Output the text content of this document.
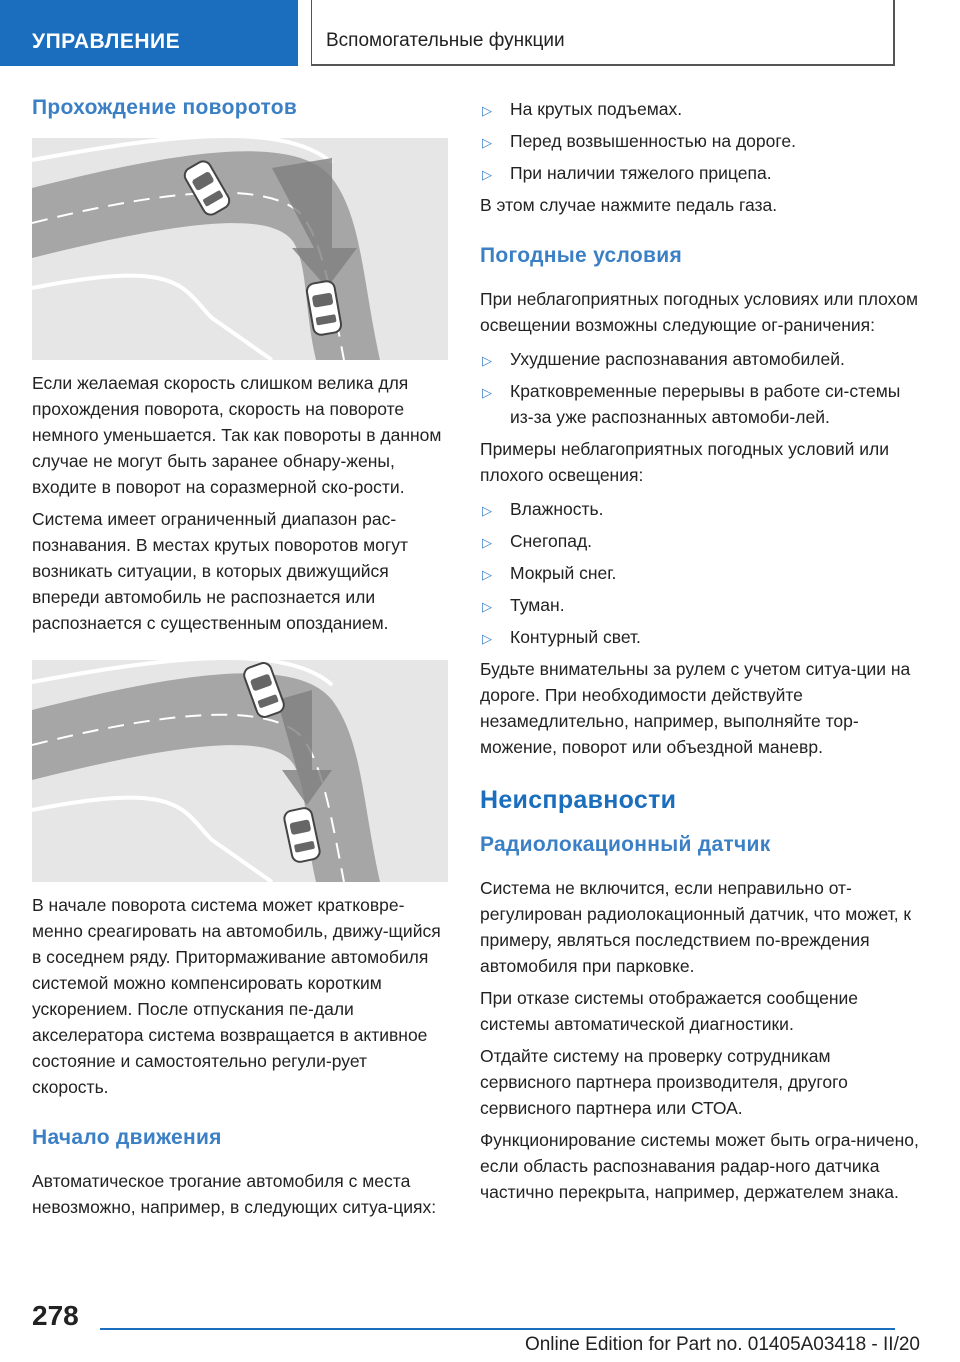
УПРАВЛЕНИЕ	Вспомогательные функции
Прохождение поворотов

Если желаемая скорость слишком велика для прохождения поворота, скорость на повороте немного уменьшается. Так как повороты в данном случае не могут быть заранее обнару-жены, входите в поворот на соразмерной ско-рости.

Система имеет ограниченный диапазон рас-познавания. В местах крутых поворотов могут возникать ситуации, в которых движущийся впереди автомобиль не распознается или распознается с существенным опозданием.

В начале поворота система может кратковре-менно среагировать на автомобиль, движу-щийся в соседнем ряду. Притормаживание автомобиля системой можно компенсировать коротким ускорением. После отпускания пе-дали акселератора система возвращается в активное состояние и самостоятельно регули-рует скорость.

Начало движения

Автоматическое трогание автомобиля с места невозможно, например, в следующих ситуа-циях:

▷ На крутых подъемах.
▷ Перед возвышенностью на дороге.
▷ При наличии тяжелого прицепа.

В этом случае нажмите педаль газа.

Погодные условия

При неблагоприятных погодных условиях или плохом освещении возможны следующие ог-раничения:

▷ Ухудшение распознавания автомобилей.
▷ Кратковременные перерывы в работе си-стемы из-за уже распознанных автомоби-лей.

Примеры неблагоприятных погодных условий или плохого освещения:

▷ Влажность.
▷ Снегопад.
▷ Мокрый снег.
▷ Туман.
▷ Контурный свет.

Будьте внимательны за рулем с учетом ситуа-ции на дороге. При необходимости действуйте незамедлительно, например, выполняйте тор-можение, поворот или объездной маневр.

Неисправности
Радиолокационный датчик

Система не включится, если неправильно от-регулирован радиолокационный датчик, что может, к примеру, являться последствием по-вреждения автомобиля при парковке.

При отказе системы отображается сообщение системы автоматической диагностики.

Отдайте систему на проверку сотрудникам сервисного партнера производителя, другого сервисного партнера или СТОА.

Функционирование системы может быть огра-ничено, если область распознавания радар-ного датчика частично перекрыта, например, держателем знака.

278
Online Edition for Part no. 01405A03418 - II/20
